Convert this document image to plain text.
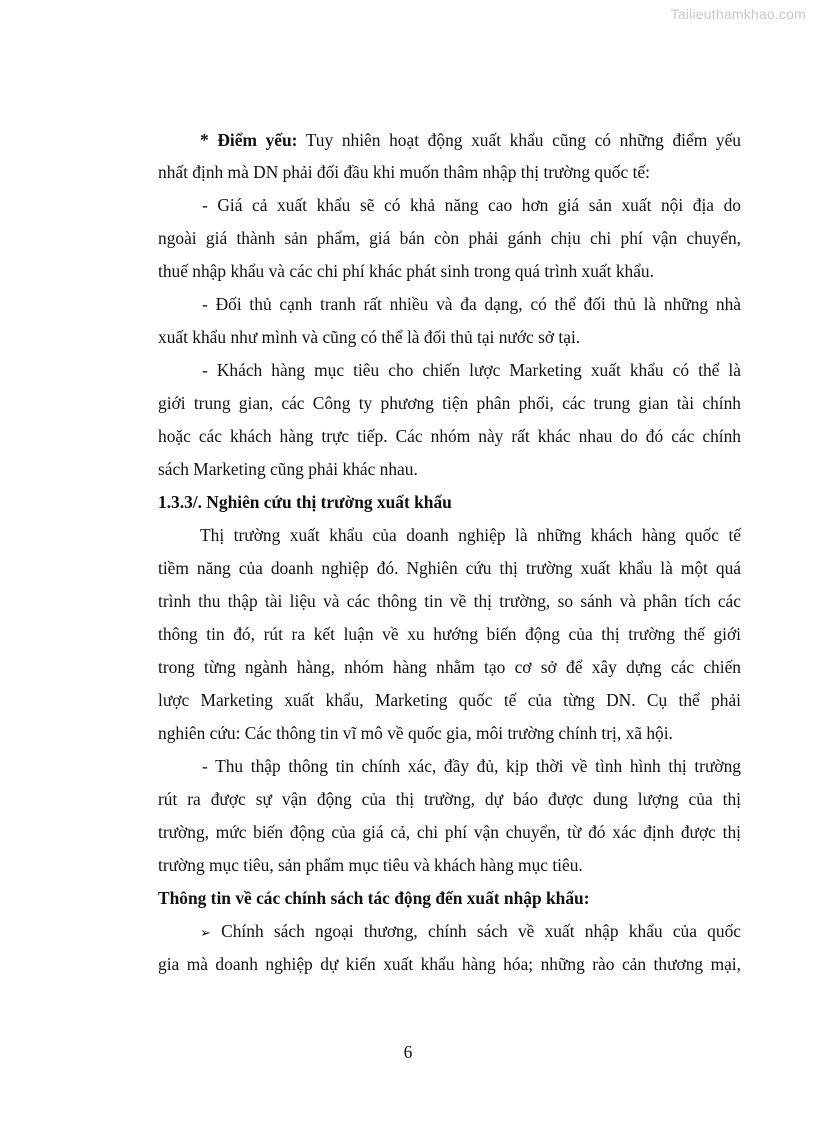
Tailieuthamkhao.com
* Điểm yếu: Tuy nhiên hoạt động xuất khẩu cũng có những điểm yếu
nhất định mà DN phải đối đầu khi muốn thâm nhập thị trường quốc tế:
- Giá cả xuất khẩu sẽ có khả năng cao hơn giá sản xuất nội địa do
ngoài giá thành sản phẩm, giá bán còn phải gánh chịu chi phí vận chuyển,
thuế nhập khẩu và các chi phí khác phát sinh trong quá trình xuất khẩu.
- Đối thủ cạnh tranh rất nhiều và đa dạng, có thể đối thủ là những nhà
xuất khẩu như mình và cũng có thể là đối thủ tại nước sở tại.
- Khách hàng mục tiêu cho chiến lược Marketing xuất khẩu có thể là
giới trung gian, các Công ty phương tiện phân phối, các trung gian tài chính
hoặc các khách hàng trực tiếp. Các nhóm này rất khác nhau do đó các chính
sách Marketing cũng phải khác nhau.
1.3.3/. Nghiên cứu thị trường xuất khẩu
Thị trường xuất khẩu của doanh nghiệp là những khách hàng quốc tế
tiềm năng của doanh nghiệp đó. Nghiên cứu thị trường xuất khẩu là một quá
trình thu thập tài liệu và các thông tin về thị trường, so sánh và phân tích các
thông tin đó, rút ra kết luận về xu hướng biến động của thị trường thế giới
trong từng ngành hàng, nhóm hàng nhằm tạo cơ sở để xây dựng các chiến
lược Marketing xuất khẩu, Marketing quốc tế của từng DN. Cụ thể phải
nghiên cứu: Các thông tin vĩ mô về quốc gia, môi trường chính trị, xã hội.
- Thu thập thông tin chính xác, đầy đủ, kịp thời về tình hình thị trường
rút ra được sự vận động của thị trường, dự báo được dung lượng của thị
trường, mức biến động của giá cả, chi phí vận chuyển, từ đó xác định được thị
trường mục tiêu, sản phẩm mục tiêu và khách hàng mục tiêu.
Thông tin về các chính sách tác động đến xuất nhập khẩu:
➢ Chính sách ngoại thương, chính sách về xuất nhập khẩu của quốc
gia mà doanh nghiệp dự kiến xuất khẩu hàng hóa; những rào cản thương mại,
6
